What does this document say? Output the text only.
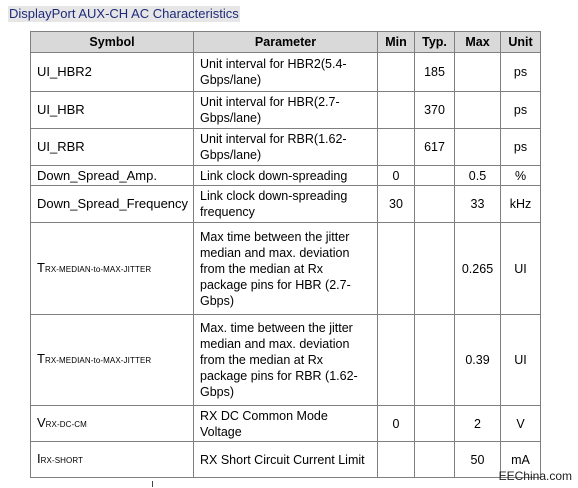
DisplayPort AUX-CH AC Characteristics
Symbol	Parameter	Min	Typ.	Max	Unit
UI_HBR2	Unit interval for HBR2(5.4-Gbps/lane)		185		ps
UI_HBR	Unit interval for HBR(2.7-Gbps/lane)		370		ps
UI_RBR	Unit interval for RBR(1.62-Gbps/lane)		617		ps
Down_Spread_Amp.	Link clock down-spreading	0		0.5	%
Down_Spread_Frequency	Link clock down-spreading frequency	30		33	kHz
TRX-MEDIAN-to-MAX-JITTER	Max time between the jitter median and max. deviation from the median at Rx package pins for HBR (2.7-Gbps)			0.265	UI
TRX-MEDIAN-to-MAX-JITTER	Max. time between the jitter median and max. deviation from the median at Rx package pins for RBR (1.62-Gbps)			0.39	UI
VRX-DC-CM	RX DC Common Mode Voltage	0		2	V
IRX-SHORT	RX Short Circuit Current Limit			50	mA
EEChina.com
